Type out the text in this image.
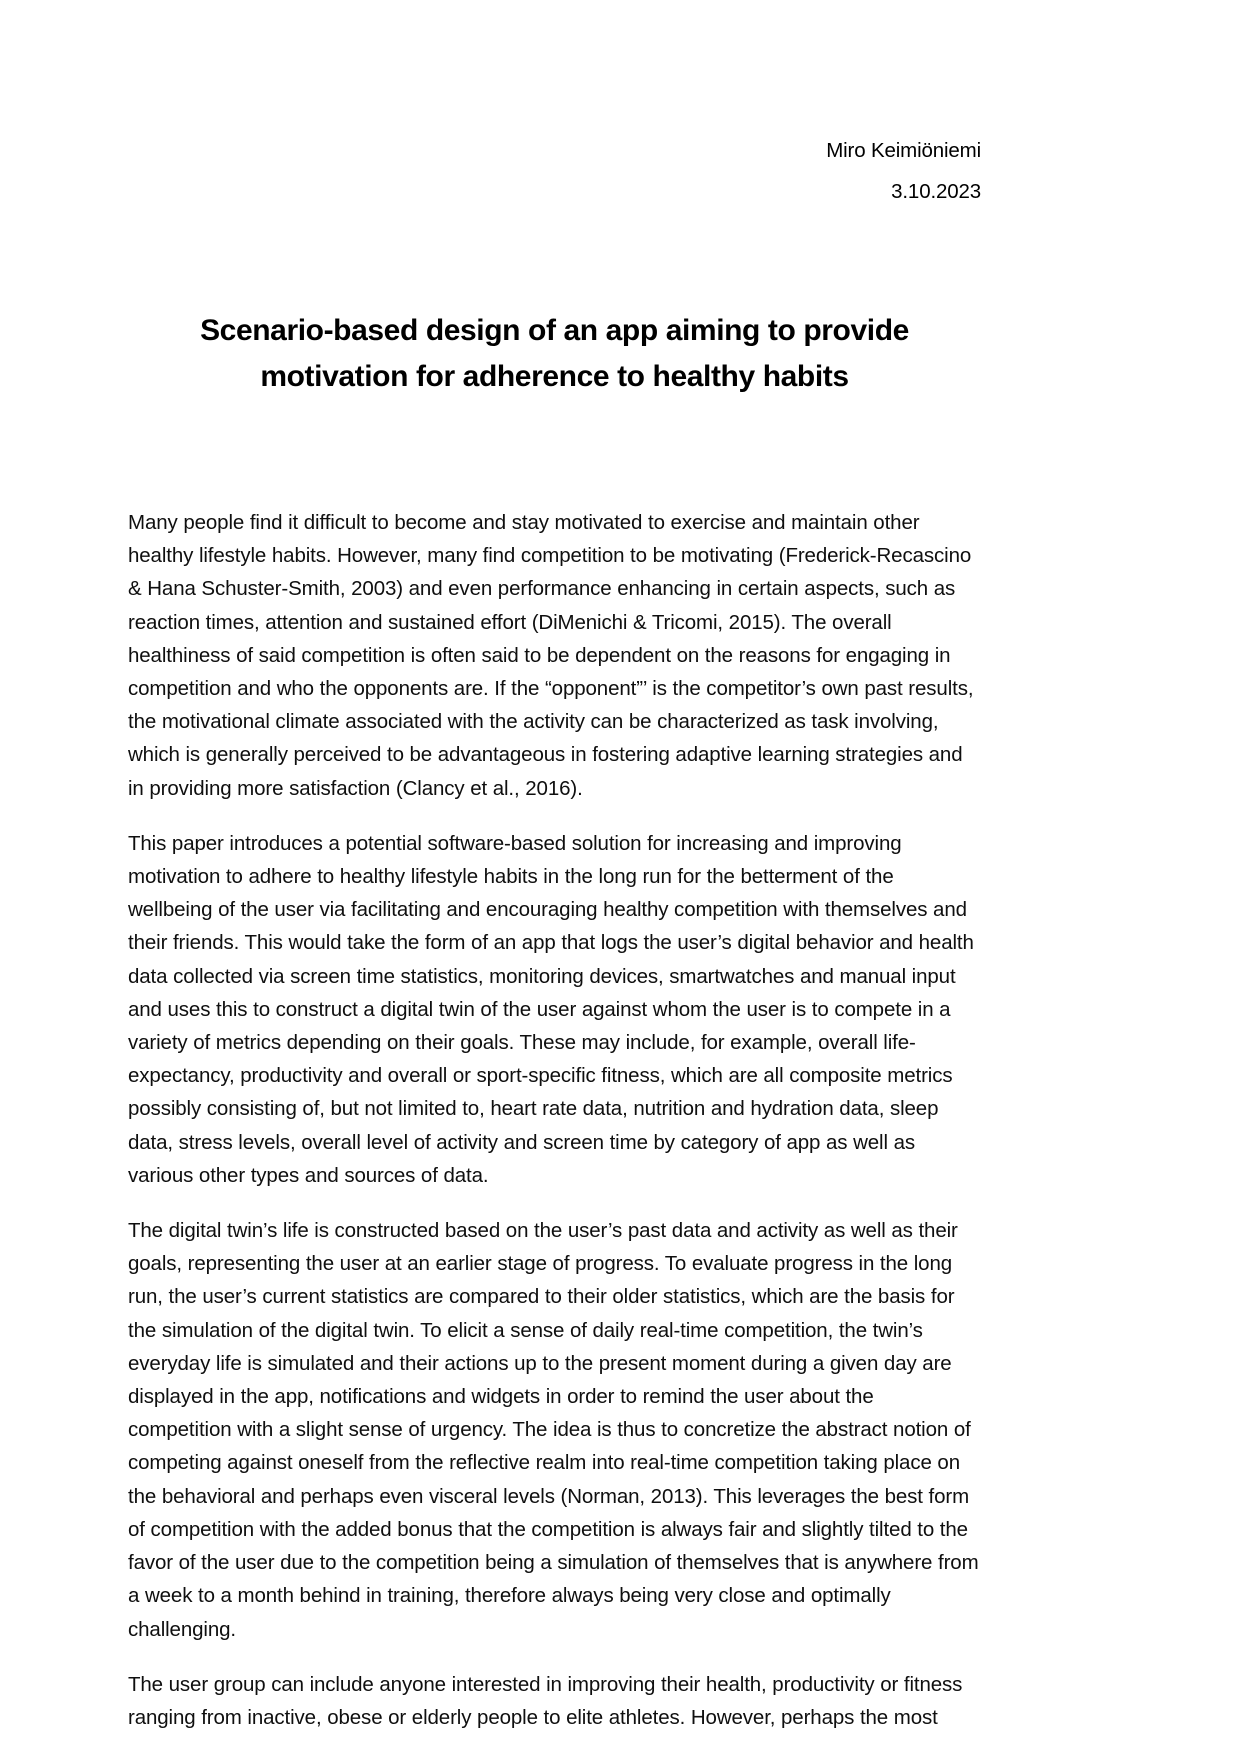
Miro Keimiöniemi
3.10.2023
Scenario-based design of an app aiming to provide
motivation for adherence to healthy habits

Many people find it difficult to become and stay motivated to exercise and maintain other healthy lifestyle habits. However, many find competition to be motivating (Frederick-Recascino & Hana Schuster-Smith, 2003) and even performance enhancing in certain aspects, such as reaction times, attention and sustained effort (DiMenichi & Tricomi, 2015). The overall healthiness of said competition is often said to be dependent on the reasons for engaging in competition and who the opponents are. If the “opponent”’ is the competitor’s own past results, the motivational climate associated with the activity can be characterized as task involving, which is generally perceived to be advantageous in fostering adaptive learning strategies and in providing more satisfaction (Clancy et al., 2016).

This paper introduces a potential software-based solution for increasing and improving motivation to adhere to healthy lifestyle habits in the long run for the betterment of the wellbeing of the user via facilitating and encouraging healthy competition with themselves and their friends. This would take the form of an app that logs the user’s digital behavior and health data collected via screen time statistics, monitoring devices, smartwatches and manual input and uses this to construct a digital twin of the user against whom the user is to compete in a variety of metrics depending on their goals. These may include, for example, overall life-expectancy, productivity and overall or sport-specific fitness, which are all composite metrics possibly consisting of, but not limited to, heart rate data, nutrition and hydration data, sleep data, stress levels, overall level of activity and screen time by category of app as well as various other types and sources of data.

The digital twin’s life is constructed based on the user’s past data and activity as well as their goals, representing the user at an earlier stage of progress. To evaluate progress in the long run, the user’s current statistics are compared to their older statistics, which are the basis for the simulation of the digital twin. To elicit a sense of daily real-time competition, the twin’s everyday life is simulated and their actions up to the present moment during a given day are displayed in the app, notifications and widgets in order to remind the user about the competition with a slight sense of urgency. The idea is thus to concretize the abstract notion of competing against oneself from the reflective realm into real-time competition taking place on the behavioral and perhaps even visceral levels (Norman, 2013). This leverages the best form of competition with the added bonus that the competition is always fair and slightly tilted to the favor of the user due to the competition being a simulation of themselves that is anywhere from a week to a month behind in training, therefore always being very close and optimally challenging.

The user group can include anyone interested in improving their health, productivity or fitness ranging from inactive, obese or elderly people to elite athletes. However, perhaps the most
